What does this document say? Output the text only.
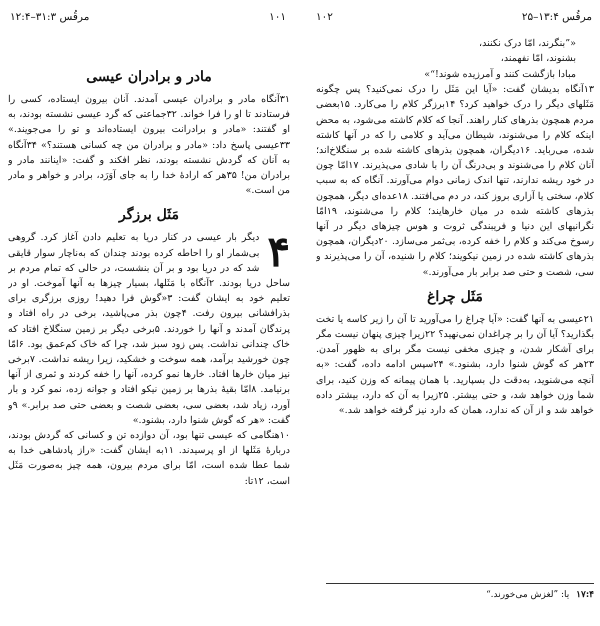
مرقُس ۳‏:۳۱–۴‏:۱۲	۱۰۱	۱۰۲	مرقُس ۴‏:۱۳–۲۵
مادر و برادران عیسی

۳۱آنگاه مادر و برادران عیسی آمدند. آنان بیرون ایستاده، کسی را فرستادند تا او را فرا خواند. ۳۲جماعتی که گرد عیسی نشسته بودند، به او گفتند: «مادر و برادرانت بیرون ایستاده‌اند و تو را می‌جویند.» ۳۳عیسی پاسخ داد: «مادر و برادران من چه کسانی هستند؟» ۳۴آنگاه به آنان که گردش نشسته بودند، نظر افکند و گفت: «اینانند مادر و برادران من! ۳۵هر که ارادهٔ خدا را به جای آوَرَد، برادر و خواهر و مادر من است.»

مَثَل برزگر

۴
دیگر بار عیسی در کنار دریا به تعلیم دادن آغاز کرد. گروهی بی‌شمار او را احاطه کرده بودند چندان که به‌ناچار سوار قایقی شد که در دریا بود و بر آن بنشست، در حالی که تمام مردم بر ساحل دریا بودند. ۲آنگاه با مَثَلها، بسیار چیزها به آنها آموخت. او در تعلیم خود به ایشان گفت: ۳«گوش فرا دهید! روزی برزگری برای بذرافشانی بیرون رفت. ۴چون بذر می‌پاشید، برخی در راه افتاد و پرندگان آمدند و آنها را خوردند. ۵برخی دیگر بر زمین سنگلاخ افتاد که خاک چندانی نداشت. پس زود سبز شد، چرا که خاک کم‌عمق بود. ۶امّا چون خورشید برآمد، همه سوخت و خشکید، زیرا ریشه نداشت. ۷برخی نیز میان خارها افتاد. خارها نمو کرده، آنها را خفه کردند و ثمری از آنها برنیامد. ۸امّا بقیهٔ بذرها بر زمین نیکو افتاد و جوانه زده، نمو کرد و بار آورد، زیاد شد، بعضی سی، بعضی شصت و بعضی حتی صد برابر.» ۹و گفت: «هر که گوش شنوا دارد، بشنود.»

۱۰هنگامی که عیسی تنها بود، آن دوازده تن و کسانی که گردش بودند، دربارهٔ مَثَلها از او پرسیدند. ۱۱به ایشان گفت: «راز پادشاهی خدا به شما عطا شده است، امّا برای مردم بیرون، همه چیز به‌صورت مَثَل است، ۱۲تا:

«”بنگرند، امّا درک نکنند،
بشنوند، امّا نفهمند،
مبادا بازگشت کنند و آمرزیده شوند!“»

۱۳آنگاه بدیشان گفت: «آیا این مَثَل را درک نمی‌کنید؟ پس چگونه مَثَلهای دیگر را درک خواهید کرد؟ ۱۴برزگر کلام را می‌کارد. ۱۵بعضی مردم همچون بذرهای کنار راهند. آنجا که کلام کاشته می‌شود، به محض اینکه کلام را می‌شنوند، شیطان می‌آید و کلامی را که در آنها کاشته شده، می‌رباید. ۱۶دیگران، همچون بذرهای کاشته شده بر سنگلاخ‌اند؛ آنان کلام را می‌شنوند و بی‌درنگ آن را با شادی می‌پذیرند. ۱۷امّا چون در خود ریشه ندارند، تنها اندک زمانی دوام می‌آورند. آنگاه که به سبب کلام، سختی یا آزاری بروز کند، در دم می‌افتند. ۱۸عده‌ای دیگر، همچون بذرهای کاشته شده در میان خارهایند؛ کلام را می‌شنوند، ۱۹امّا نگرانیهای این دنیا و فریبندگی ثروت و هوس چیزهای دیگر در آنها رسوخ می‌کند و کلام را خفه کرده، بی‌ثمر می‌سازد. ۲۰دیگران، همچون بذرهای کاشته شده در زمین نیکویند؛ کلام را شنیده، آن را می‌پذیرند و سی، شصت و حتی صد برابر بار می‌آورند.»

مَثَل چراغ

۲۱عیسی به آنها گفت: «آیا چراغ را می‌آورید تا آن را زیر کاسه یا تخت بگذارید؟ آیا آن را بر چراغدان نمی‌نهید؟ ۲۲زیرا چیزی پنهان نیست مگر برای آشکار شدن، و چیزی مخفی نیست مگر برای به ظهور آمدن. ۲۳هر که گوش شنوا دارد، بشنود.» ۲۴سپس ادامه داده، گفت: «به آنچه می‌شنوید، به‌دقت دل بسپارید. با همان پیمانه که وزن کنید، برای شما وزن خواهد شد، و حتی بیشتر. ۲۵زیرا به آن که دارد، بیشتر داده خواهد شد و از آن که ندارد، همان که دارد نیز گرفته خواهد شد.»

۱۷:۴ یا: ”لغزش می‌خورند.“
